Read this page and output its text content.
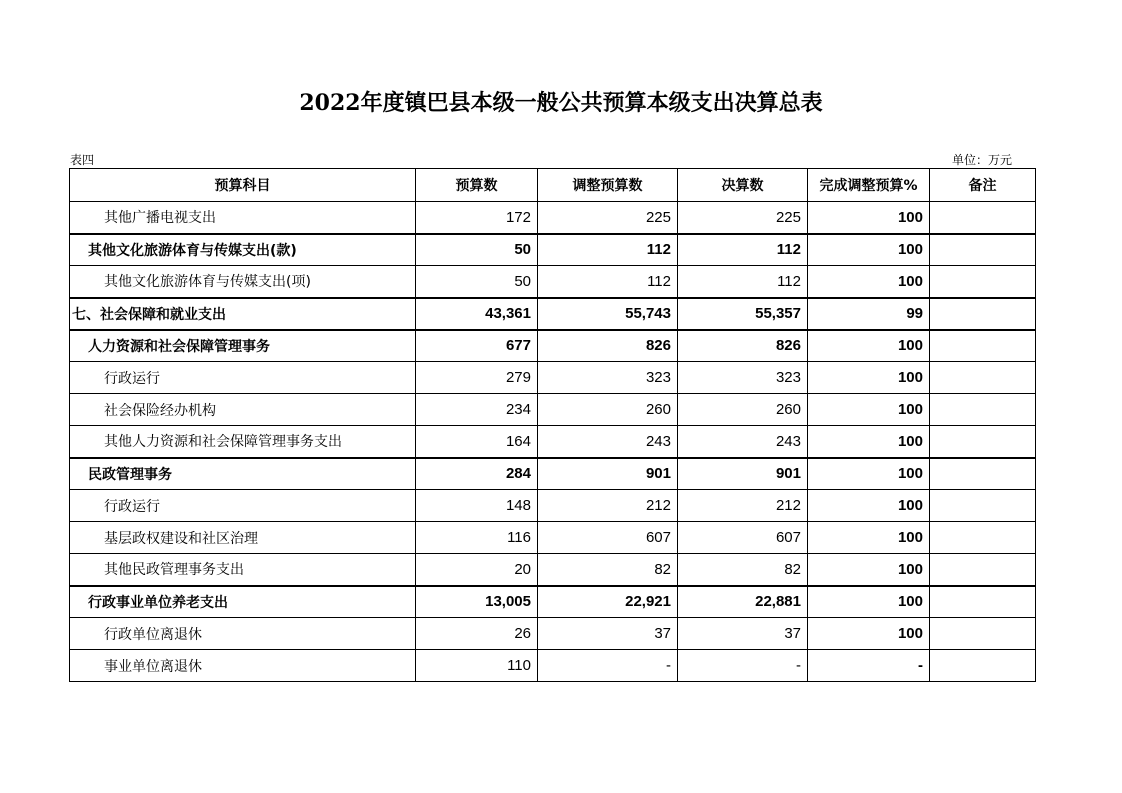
2022年度镇巴县本级一般公共预算本级支出决算总表
表四	单位：万元
预算科目	预算数	调整预算数	决算数	完成调整预算%	备注
其他广播电视支出	172	225	225	100	
其他文化旅游体育与传媒支出(款)	50	112	112	100	
其他文化旅游体育与传媒支出(项)	50	112	112	100	
七、社会保障和就业支出	43,361	55,743	55,357	99	
人力资源和社会保障管理事务	677	826	826	100	
行政运行	279	323	323	100	
社会保险经办机构	234	260	260	100	
其他人力资源和社会保障管理事务支出	164	243	243	100	
民政管理事务	284	901	901	100	
行政运行	148	212	212	100	
基层政权建设和社区治理	116	607	607	100	
其他民政管理事务支出	20	82	82	100	
行政事业单位养老支出	13,005	22,921	22,881	100	
行政单位离退休	26	37	37	100	
事业单位离退休	110	-	-	-	
